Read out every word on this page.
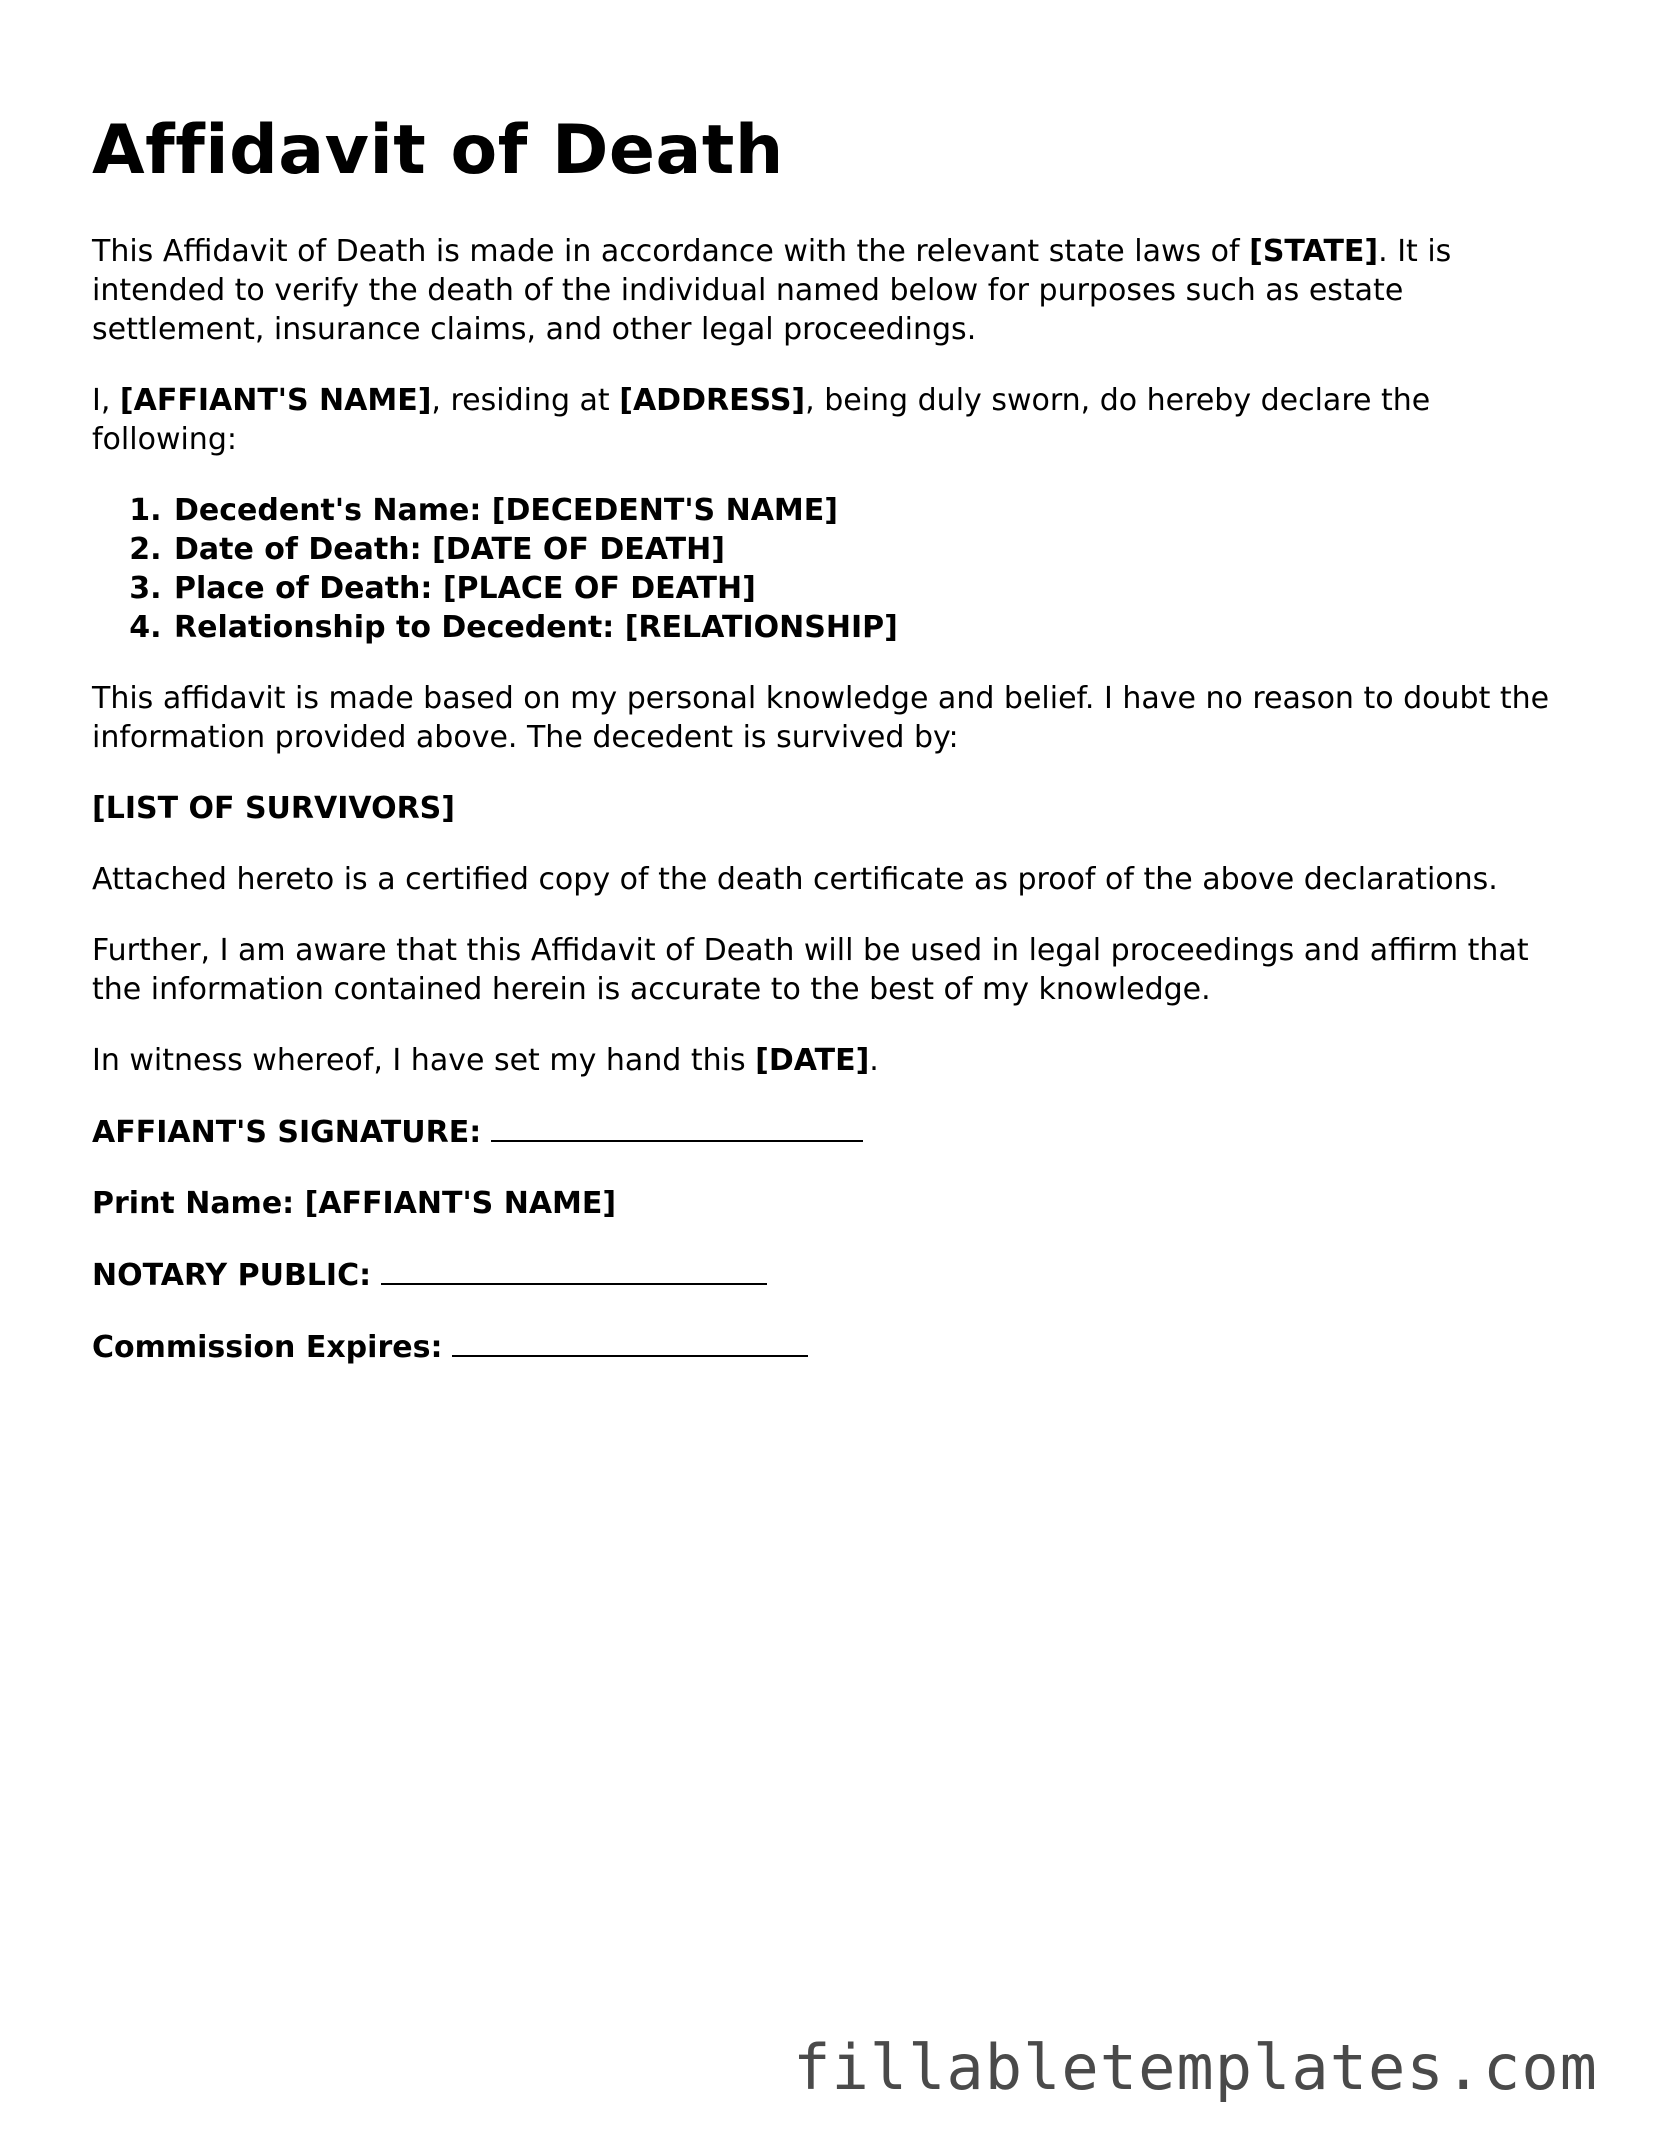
Affidavit of Death

This Affidavit of Death is made in accordance with the relevant state laws of [STATE]. It is intended to verify the death of the individual named below for purposes such as estate settlement, insurance claims, and other legal proceedings.

I, [AFFIANT'S NAME], residing at [ADDRESS], being duly sworn, do hereby declare the following:

1. Decedent's Name: [DECEDENT'S NAME]
2. Date of Death: [DATE OF DEATH]
3. Place of Death: [PLACE OF DEATH]
4. Relationship to Decedent: [RELATIONSHIP]

This affidavit is made based on my personal knowledge and belief. I have no reason to doubt the information provided above. The decedent is survived by:

[LIST OF SURVIVORS]

Attached hereto is a certified copy of the death certificate as proof of the above declarations.

Further, I am aware that this Affidavit of Death will be used in legal proceedings and affirm that the information contained herein is accurate to the best of my knowledge.

In witness whereof, I have set my hand this [DATE].

AFFIANT'S SIGNATURE:

Print Name: [AFFIANT'S NAME]

NOTARY PUBLIC:

Commission Expires:

fillabletemplates.com
